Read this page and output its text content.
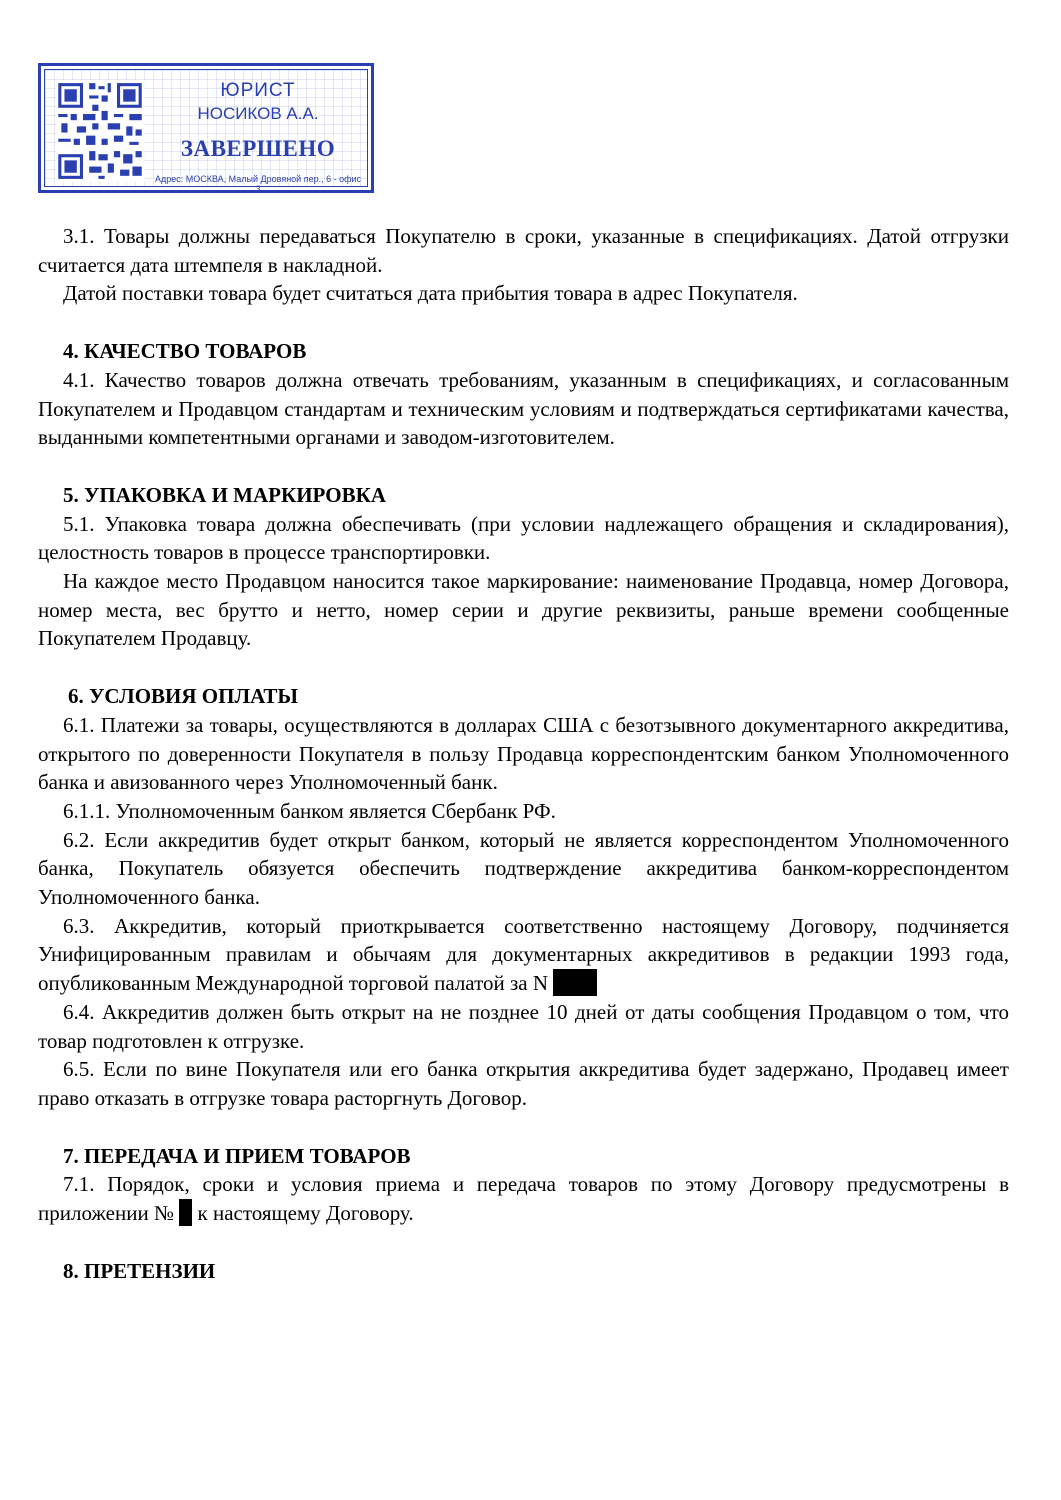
ЮРИСТ
НОСИКОВ А.А.
ЗАВЕРШЕНО
Адрес: МОСКВА, Малый Дровяной пер., 6 - офис 3

3.1. Товары должны передаваться Покупателю в сроки, указанные в спецификациях. Датой отгрузки считается дата штемпеля в накладной.

Датой поставки товара будет считаться дата прибытия товара в адрес Покупателя.

4. КАЧЕСТВО ТОВАРОВ

4.1. Качество товаров должна отвечать требованиям, указанным в спецификациях, и согласованным Покупателем и Продавцом стандартам и техническим условиям и подтверждаться сертификатами качества, выданными компетентными органами и заводом-изготовителем.

5. УПАКОВКА И МАРКИРОВКА

5.1. Упаковка товара должна обеспечивать (при условии надлежащего обращения и складирования), целостность товаров в процессе транспортировки.

На каждое место Продавцом наносится такое маркирование: наименование Продавца, номер Договора, номер места, вес брутто и нетто, номер серии и другие реквизиты, раньше времени сообщенные Покупателем Продавцу.

6. УСЛОВИЯ ОПЛАТЫ

6.1. Платежи за товары, осуществляются в долларах США с безотзывного документарного аккредитива, открытого по доверенности Покупателя в пользу Продавца корреспондентским банком Уполномоченного банка и авизованного через Уполномоченный банк.

6.1.1. Уполномоченным банком является Сбербанк РФ.

6.2. Если аккредитив будет открыт банком, который не является корреспондентом Уполномоченного банка, Покупатель обязуется обеспечить подтверждение аккредитива банком-корреспондентом Уполномоченного банка.

6.3. Аккредитив, который приоткрывается соответственно настоящему Договору, подчиняется Унифицированным правилам и обычаям для документарных аккредитивов в редакции 1993 года, опубликованным Международной торговой палатой за N

6.4. Аккредитив должен быть открыт на не позднее 10 дней от даты сообщения Продавцом о том, что товар подготовлен к отгрузке.

6.5. Если по вине Покупателя или его банка открытия аккредитива будет задержано, Продавец имеет право отказать в отгрузке товара расторгнуть Договор.

7. ПЕРЕДАЧА И ПРИЕМ ТОВАРОВ

7.1. Порядок, сроки и условия приема и передача товаров по этому Договору предусмотрены в приложении № к настоящему Договору.

8. ПРЕТЕНЗИИ
